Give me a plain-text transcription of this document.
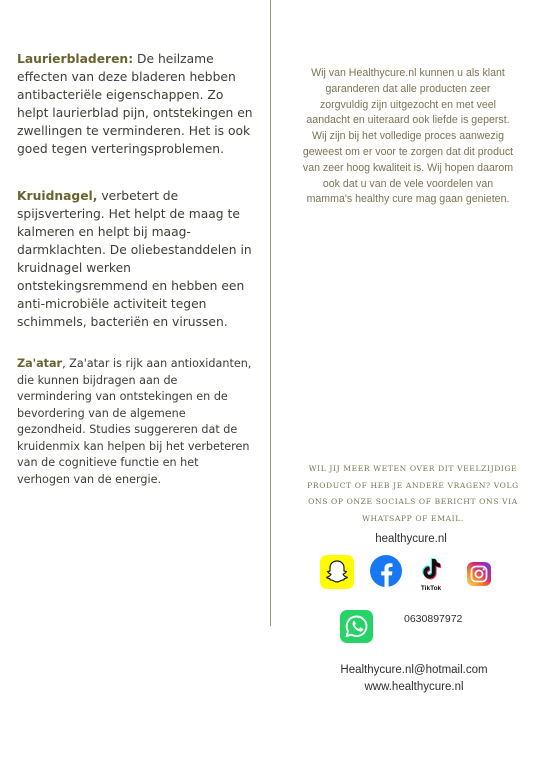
Laurierbladeren: De heilzame effecten van deze bladeren hebben antibacteriële eigenschappen. Zo helpt laurierblad pijn, ontstekingen en zwellingen te verminderen. Het is ook goed tegen verteringsproblemen.

Kruidnagel, verbetert de spijsvertering. Het helpt de maag te kalmeren en helpt bij maag-darmklachten. De oliebestanddelen in kruidnagel werken ontstekingsremmend en hebben een anti-microbiële activiteit tegen schimmels, bacteriën en virussen.

Za'atar, Za'atar is rijk aan antioxidanten, die kunnen bijdragen aan de vermindering van ontstekingen en de bevordering van de algemene gezondheid. Studies suggereren dat de kruidenmix kan helpen bij het verbeteren van de cognitieve functie en het verhogen van de energie.

Wij van Healthycure.nl kunnen u als klant garanderen dat alle producten zeer zorgvuldig zijn uitgezocht en met veel aandacht en uiteraard ook liefde is geperst. Wij zijn bij het volledige proces aanwezig geweest om er voor te zorgen dat dit product van zeer hoog kwaliteit is. Wij hopen daarom ook dat u van de vele voordelen van mamma's healthy cure mag gaan genieten.

WIL JIJ MEER WETEN OVER DIT VEELZIJDIGE PRODUCT OF HEB JE ANDERE VRAGEN? VOLG ONS OP ONZE SOCIALS OF BERICHT ONS VIA WHATSAPP OF EMAIL.

healthycure.nl
TikTok
0630897972
Healthycure.nl@hotmail.com
www.healthycure.nl
